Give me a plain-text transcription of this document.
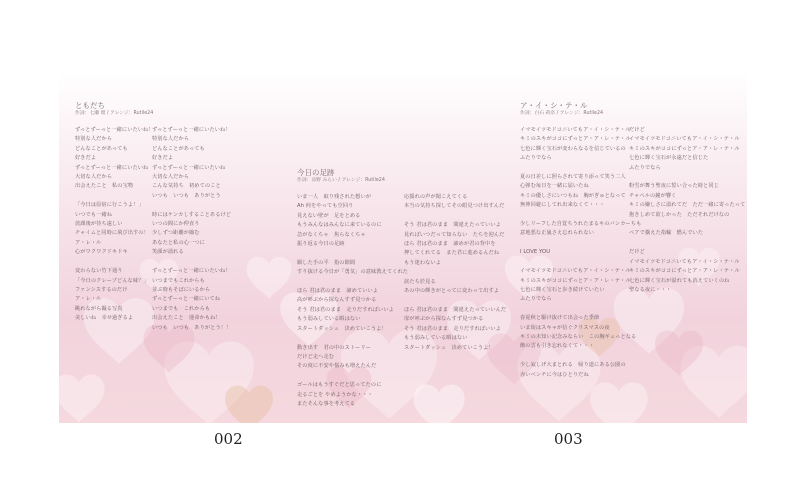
ともだち
作詞：七瀬 瑠 / アレンジ：Rutile24
ずっとずーっと一緒にいたいね！
特別な人だから
どんなことがあっても
好きだよ
ずっとずーっと一緒にいたいね
大切な人だから
出会えたこと　私の宝物

「今日は原宿に行こうよ！」
いつでも一緒ね
放課後が待ち遠しい
チャイムと同時に飛び出すの！
ア・レ・ル
心がワクワクドキドキ

変わらない竹下通り
「今日のクレープどんな味？」
ファンシスするのだけ
ア・レ・ル
眺れながら撮る写真
美しいね　幸せ過ぎるよ
ずっとずーっと一緒にいたいね！
特別な人だから
どんなことがあっても
好きだよ
ずっとずーっと一緒にいたいね
大切な人だから
こんな気持ち　初めてのこと
いつも　いつも　ありがとう

時にはケンカしすることあるけど
いつの間にか仲直り
少しずつ距離が縮む
あなたと私の心一つに
笑顔が溢れる

ずっとずーっと一緒にいたいね！
いつまでもこれからも
並ぶ時もそばにいるから
ずっとずーっと一緒にいてね
いつまでも　これからも
出会えたこと　運命かもね！
いつも　いつも　ありがとう！！
今日の足跡
作詞：涼野 みらい / アレンジ：Rutile24
いま一人　取り残された想いが
Ah 何をやっても空回り
見えない壁が　足をとめる
もうみんなはみんなに来ているのに
急がなくちゃ　焦らなくちゃ
振り返る今日の足跡

願した手の平　指の隙間
すり抜ける今日が「勇気」の意味教えてくれた

ほら 君は君のまま　諦めていいよ
高が呼ぶから探なんすず見つかる
そう 君は君のまま　走りだすればいいよ
もう弱みしている暇はない
スタートダッシュ　決めていこうよ！

動き出す　君の中のストーリー
だけど走へ走む
その度に不安や悩みも増えたんだ

ゴールはもうすぐだと思ってたのに
走るごとを やめようかな・・・
またそんな事を考えてる
応援れの声が聞こえてくる
本当の気持ち探してその眼見つけ出すんだ

そう 君は君のまま　間違えたっていいよ
見ればいつだって知らない　たちを迎んだ
ほら 君は君のまま　諦めが君の背中を
押してくれてる　また君に進めるんだね
もう迷わないよ

涙たち於見る
あの中の輝きがとってに変わって出すよ

ほら 君は君のまま　間違えたっていいんだ
扉が呼ぶから探なんすず見つかる
そう 君は君のまま　走りだすればいいよ
もう弱みしている暇はない
スタートダッシュ　決めていこうよ！
ア・イ・シ・テ・ル
作詞：白石 莉奈 / アレンジ：Rutile24
イマモイツモドコニいてもア・イ・シ・テ・ル
キミのスキがココにずっとア・ア・レ・テ・ル
七色に輝く宝石が変わらなるを信じているの
ふたりでなら

夏の日差しに照らされて寄り添って笑う二人
心弾む毎日を一緒に届いたね
キミの優しさにいつもね　胸がぎゅとなって
無伸回避にしてれ出来なくて・・・

少しリーフした自覚ちうれたまるキのバンカーちも
意地悪な正嵐さえ忘れられない

I LOVE YOU

イマモイツモドコニいてもア・イ・シ・テ・ル
キミのスキがココにずっとア・ア・レ・テ・ル
七色に輝く宝石と歩き続けていたい
ふたりでなら

春夏秋と駆け抜けて出会った季節
いま街はスキャが信ぐクリスマスの夜
キミの未知い記念みならい　この胸ギュっとなる
飾の雲も引き忘れなくて・・・

少し寂しげ大まとれる　帰り道にある公園の
赤いベンチに今はひとりだね
だけど
イマモイツモドコニいてもア・イ・シ・テ・ル
キミのスキがココにずっとア・ア・レ・テ・ル
七色に輝く宝石が永遠だと信じた
ふたりでなら

粉雪が舞う聖夜に誓い合った時と同じ
チャペルの鐘が響く
キミの嫌しさに溢れてだ　ただ一緒に寄ったって
抱きしめて欲しかった　ただそれだけなの

ペアで揃えた指輪　燃んでいた

だけど
イマモイツモドコニいてもア・イ・シ・テ・ル
キミのスキがココにずっとア・ア・レ・テ・ル
七色に輝く宝石が溢れても消えていくのね
聖なる夜に・・・
002	003
